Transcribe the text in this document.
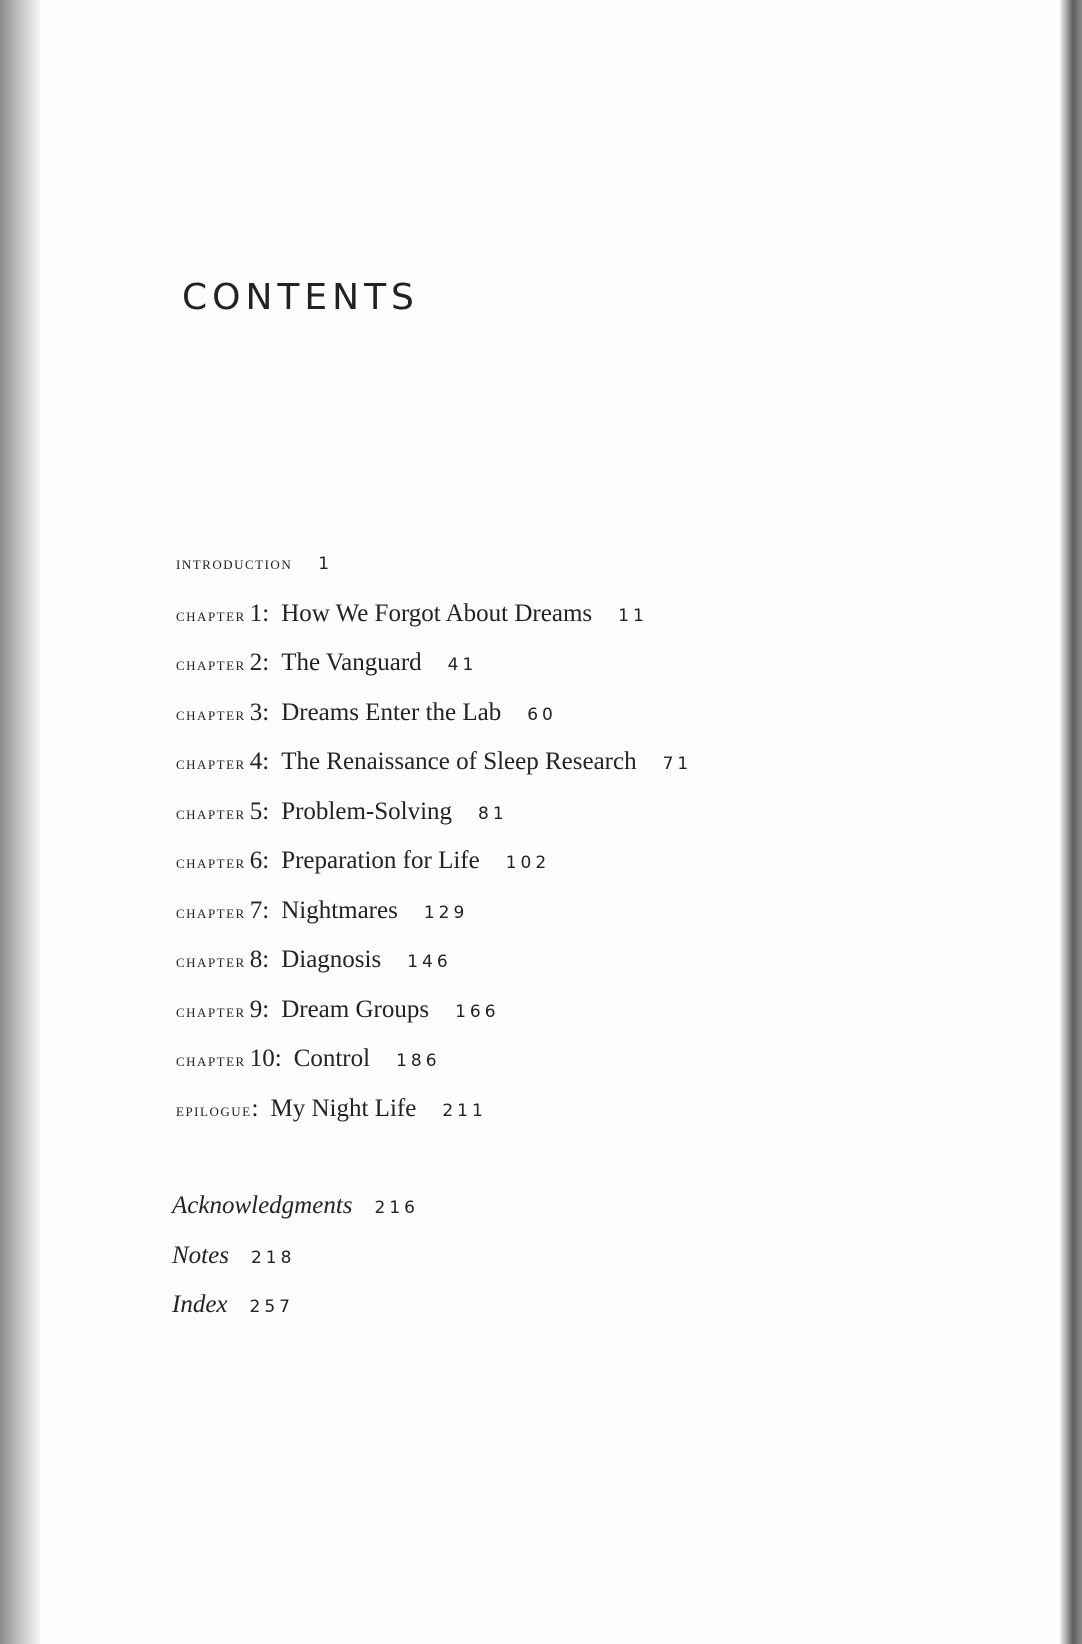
CONTENTS
introduction 1
chapter 1: How We Forgot About Dreams 11
chapter 2: The Vanguard 41
chapter 3: Dreams Enter the Lab 60
chapter 4: The Renaissance of Sleep Research 71
chapter 5: Problem-Solving 81
chapter 6: Preparation for Life 102
chapter 7: Nightmares 129
chapter 8: Diagnosis 146
chapter 9: Dream Groups 166
chapter 10: Control 186
epilogue: My Night Life 211
Acknowledgments 216
Notes 218
Index 257
